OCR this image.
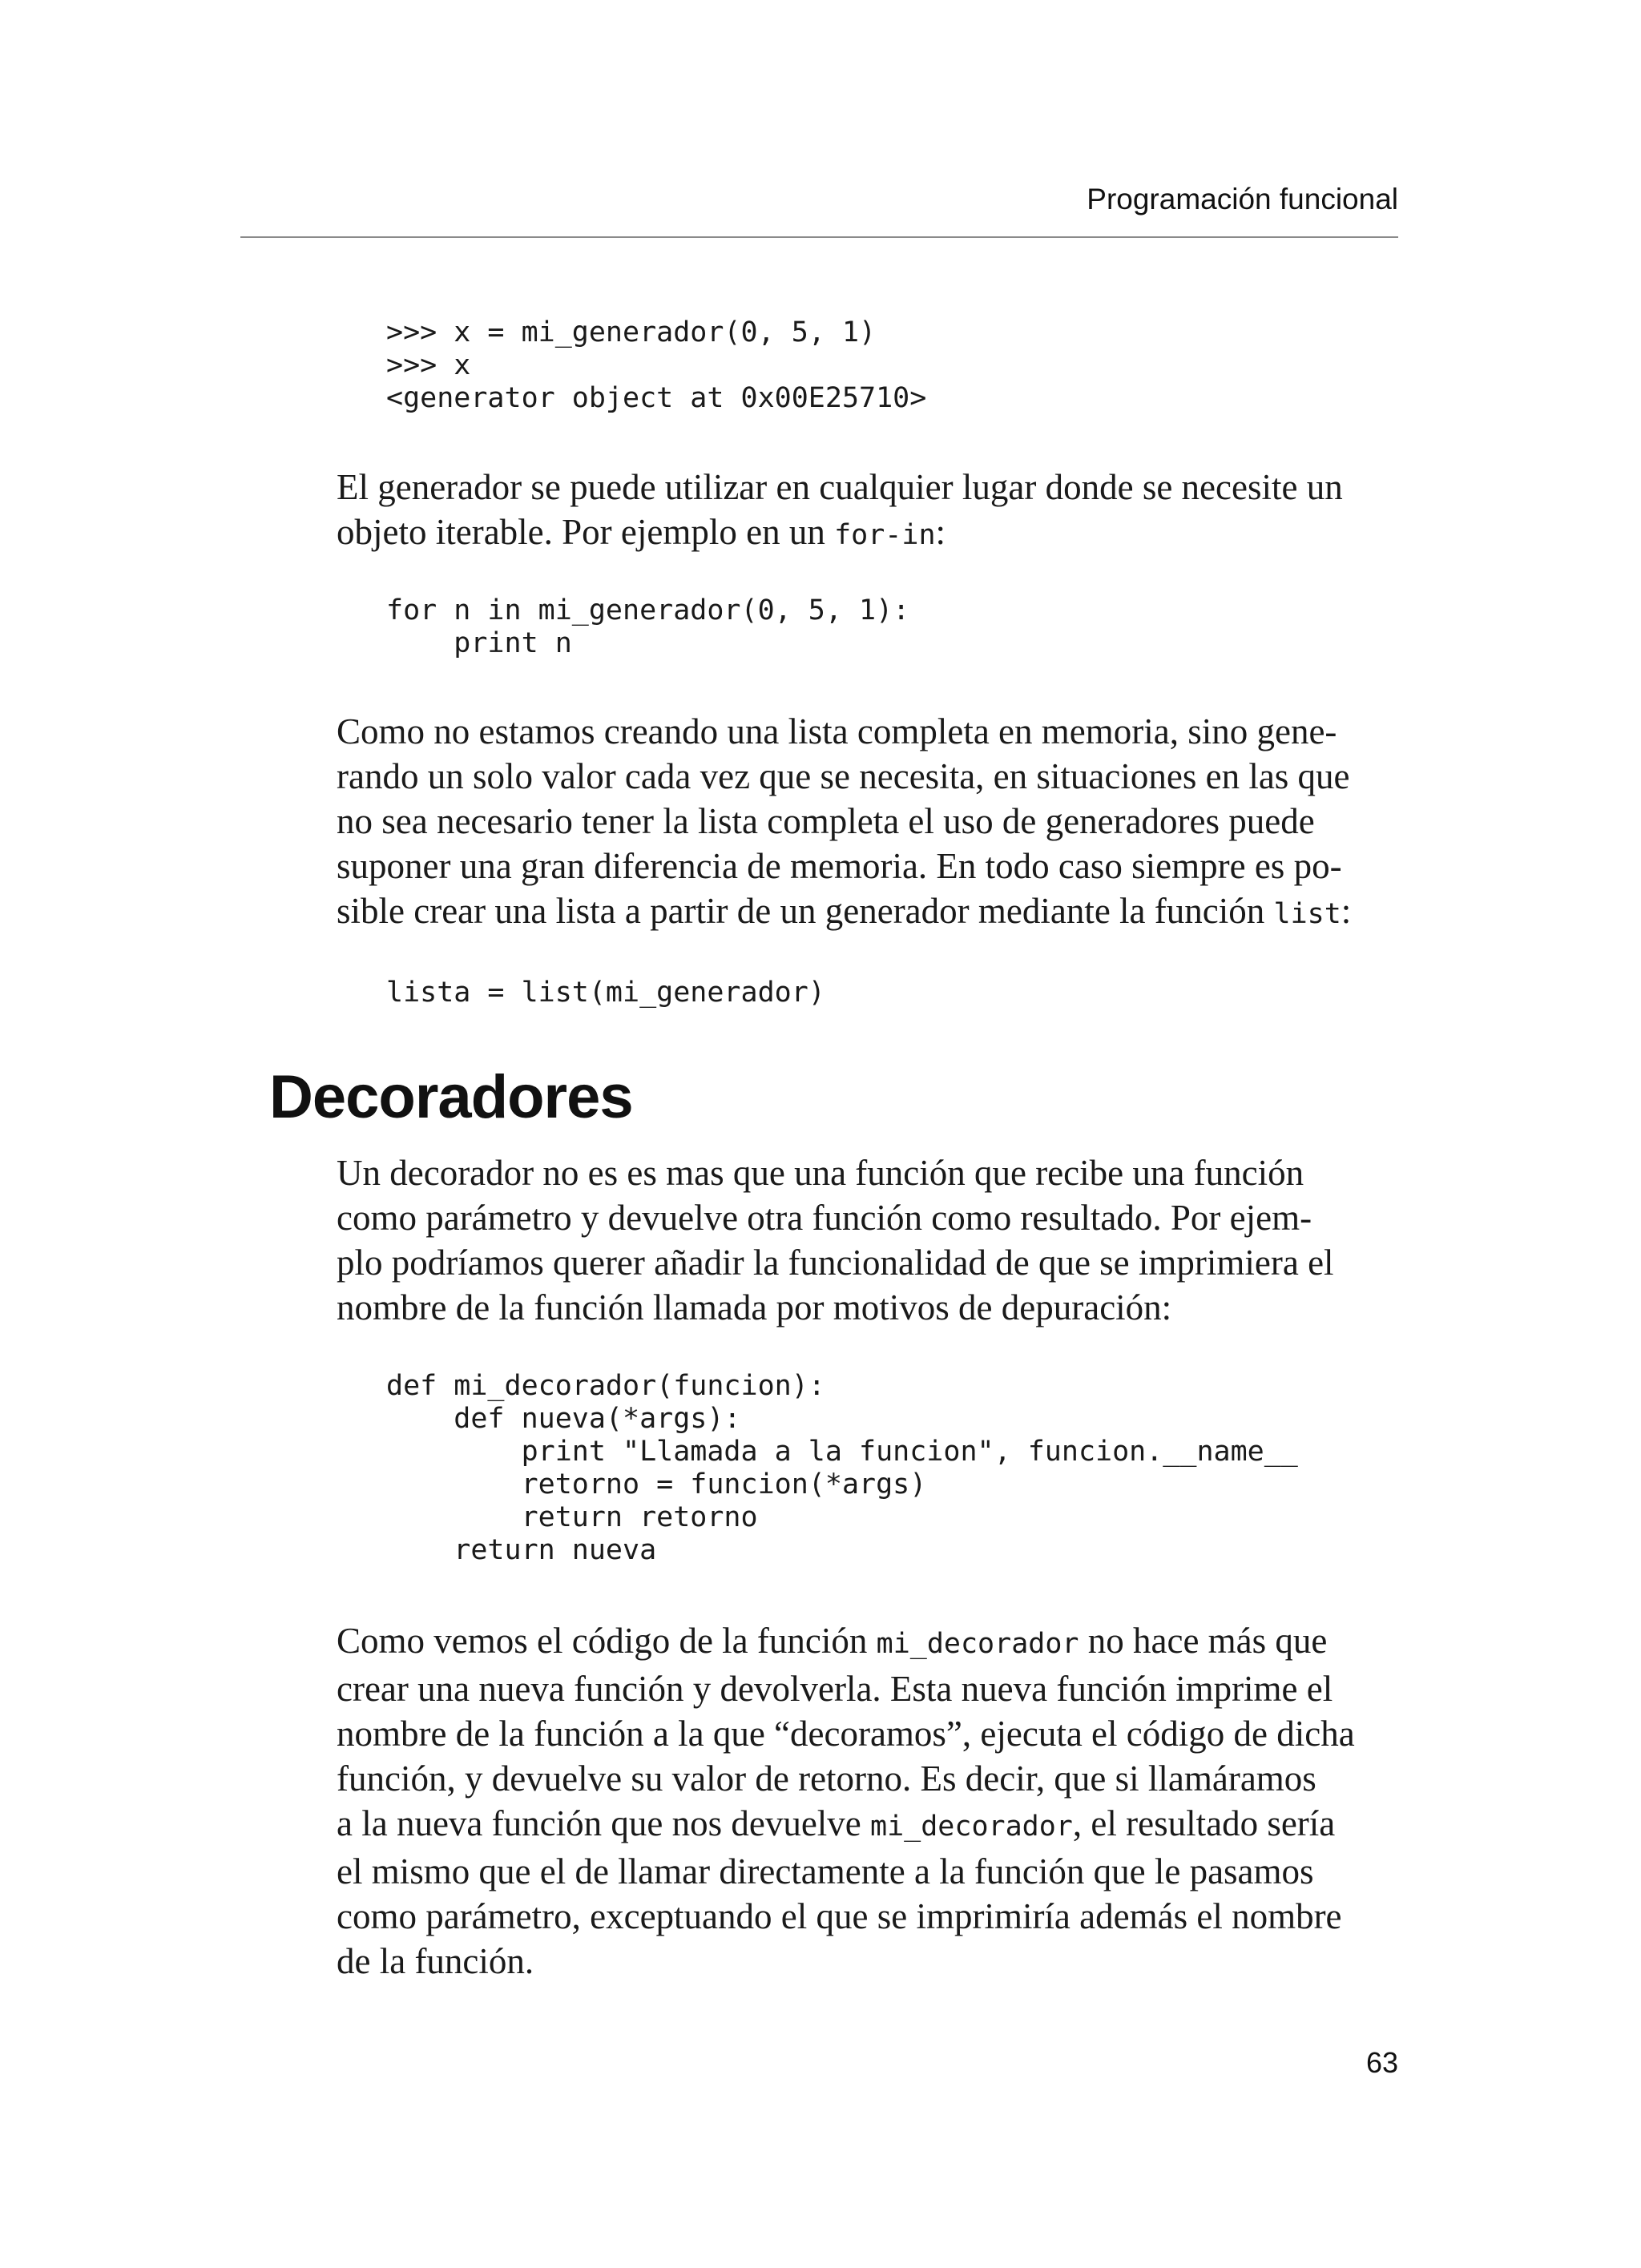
Programación funcional
>>> x = mi_generador(0, 5, 1)
>>> x
<generator object at 0x00E25710>

El generador se puede utilizar en cualquier lugar donde se necesite un
objeto iterable. Por ejemplo en un for-in:

for n in mi_generador(0, 5, 1):
print n

Como no estamos creando una lista completa en memoria, sino gene-
rando un solo valor cada vez que se necesita, en situaciones en las que
no sea necesario tener la lista completa el uso de generadores puede
suponer una gran diferencia de memoria. En todo caso siempre es po-
sible crear una lista a partir de un generador mediante la función list:

lista = list(mi_generador)
Decoradores

Un decorador no es es mas que una función que recibe una función
como parámetro y devuelve otra función como resultado. Por ejem-
plo podríamos querer añadir la funcionalidad de que se imprimiera el
nombre de la función llamada por motivos de depuración:

def mi_decorador(funcion):
def nueva(*args):
print "Llamada a la funcion", funcion.__name__
retorno = funcion(*args)
return retorno
return nueva

Como vemos el código de la función mi_decorador no hace más que
crear una nueva función y devolverla. Esta nueva función imprime el
nombre de la función a la que “decoramos”, ejecuta el código de dicha
función, y devuelve su valor de retorno. Es decir, que si llamáramos
a la nueva función que nos devuelve mi_decorador, el resultado sería
el mismo que el de llamar directamente a la función que le pasamos
como parámetro, exceptuando el que se imprimiría además el nombre
de la función.

63
